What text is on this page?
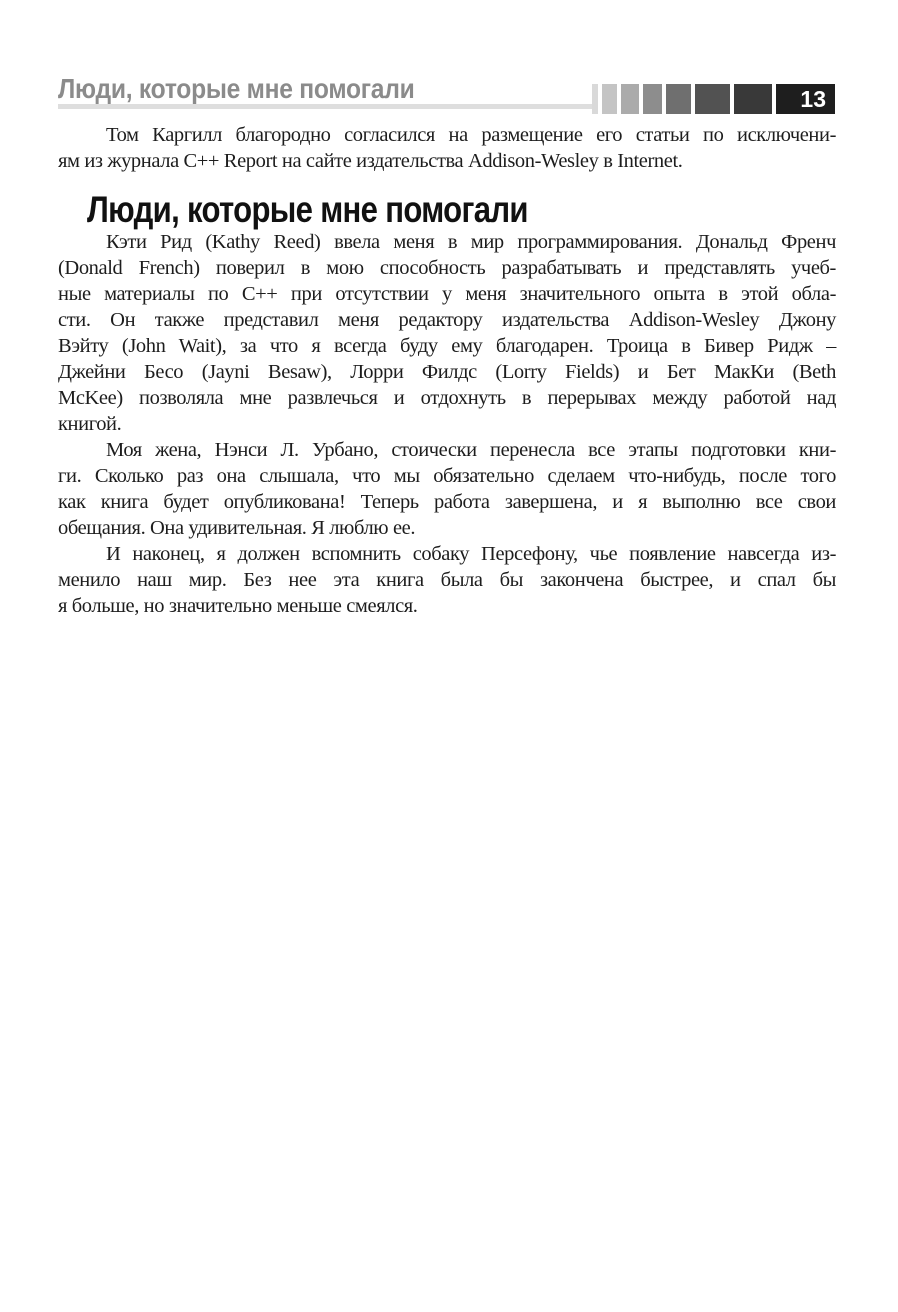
Люди, которые мне помогали	13
Том Каргилл благородно согласился на размещение его статьи по исключени-
ям из журнала C++ Report на сайте издательства Addison-Wesley в Internet.
Люди, которые мне помогали
Кэти Рид (Kathy Reed) ввела меня в мир программирования. Дональд Френч
(Donald French) поверил в мою способность разрабатывать и представлять учеб-
ные материалы по C++ при отсутствии у меня значительного опыта в этой обла-
сти. Он также представил меня редактору издательства Addison-Wesley Джону
Вэйту (John Wait), за что я всегда буду ему благодарен. Троица в Бивер Ридж –
Джейни Бесо (Jayni Besaw), Лорри Филдс (Lorry Fields) и Бет МакКи (Beth
McKee) позволяла мне развлечься и отдохнуть в перерывах между работой над
книгой.
Моя жена, Нэнси Л. Урбано, стоически перенесла все этапы подготовки кни-
ги. Сколько раз она слышала, что мы обязательно сделаем что-нибудь, после того
как книга будет опубликована! Теперь работа завершена, и я выполню все свои
обещания. Она удивительная. Я люблю ее.
И наконец, я должен вспомнить собаку Персефону, чье появление навсегда из-
менило наш мир. Без нее эта книга была бы закончена быстрее, и спал бы
я больше, но значительно меньше смеялся.
